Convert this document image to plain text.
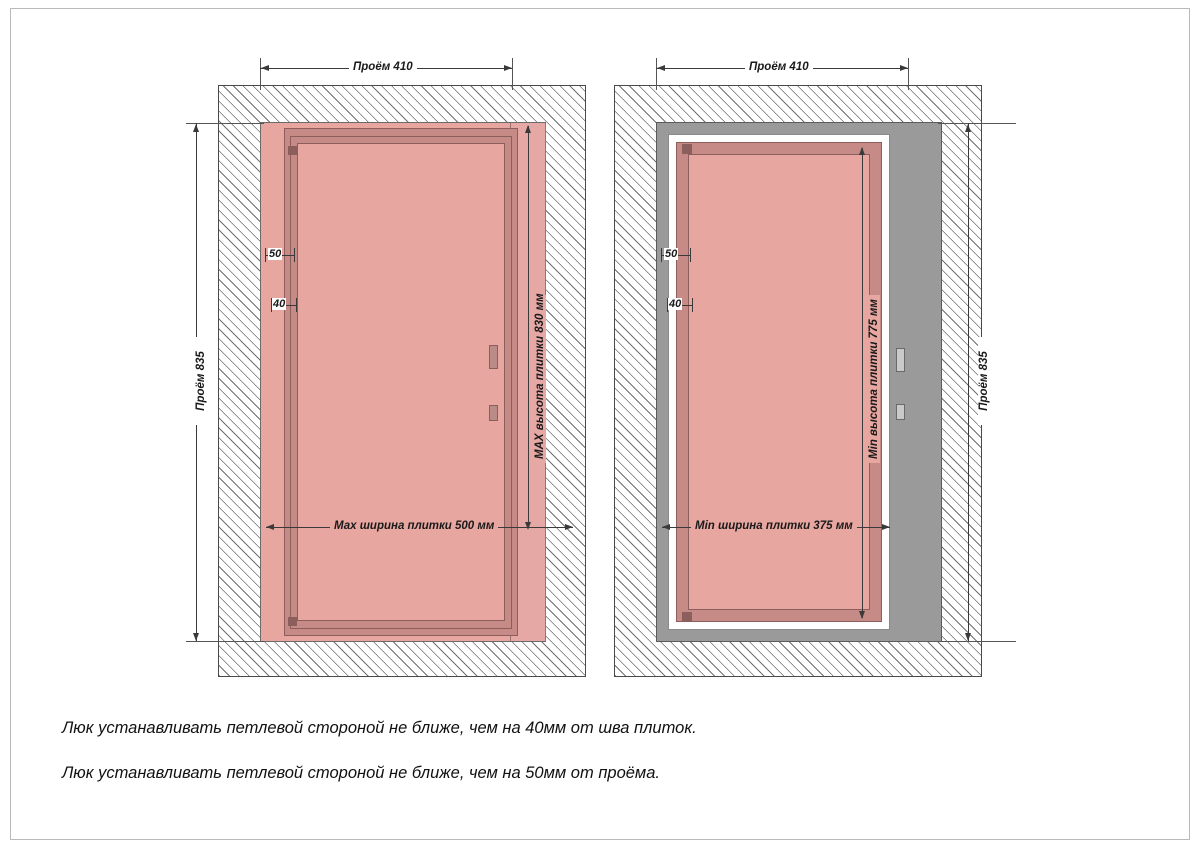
Проём 410
Проём 835	MAX высота плитки 830 мм
Мах ширина плитки 500 мм
50
40
Проём 410
Проём 835
Min высота плитки 775 мм
Min ширина плитки 375 мм
50
40
Люк устанавливать петлевой стороной не ближе, чем на 40мм от шва плиток.
Люк устанавливать петлевой стороной не ближе, чем на 50мм от проёма.
